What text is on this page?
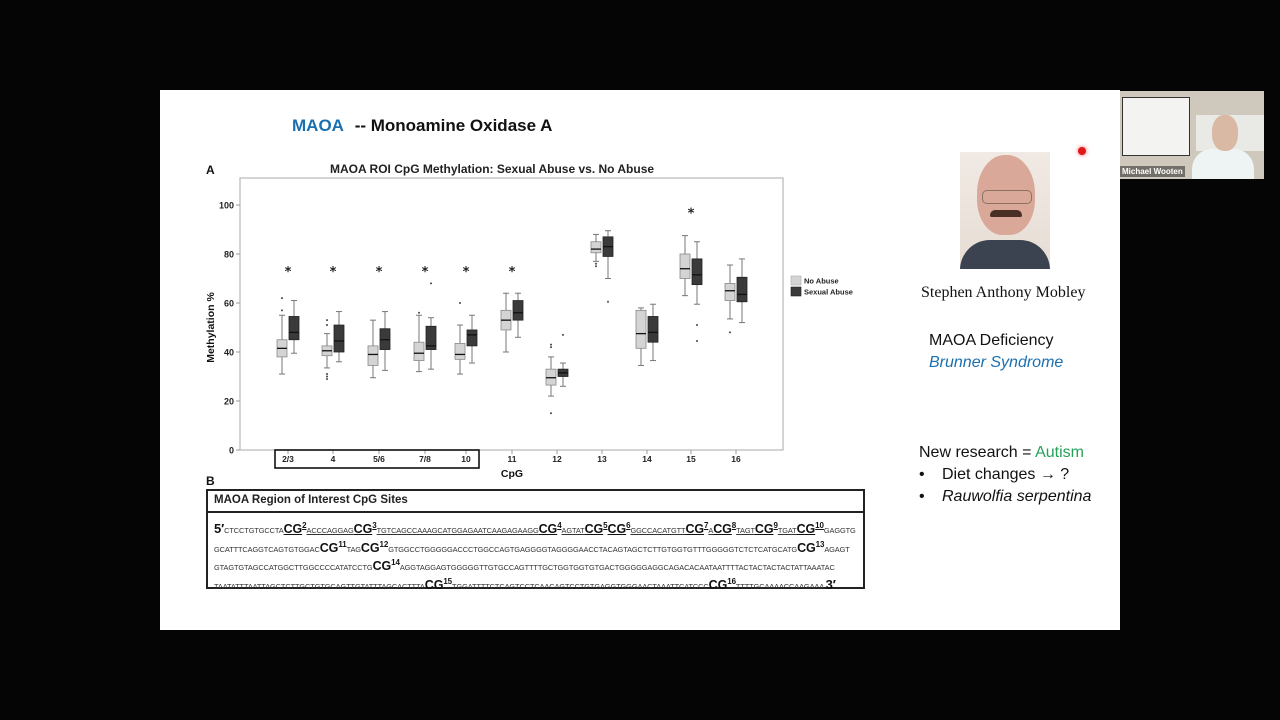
MAOA -- Monoamine Oxidase A
A	MAOA ROI CpG Methylation: Sexual Abuse vs. No Abuse
0
20
40
60
80
100
Methylation %
2/3	4	5/6	7/8	10	11	12	13	14	15	16
CpG
*	*	*	*	*	*
*
No Abuse
Sexual Abuse
B
MAOA Region of Interest CpG Sites
$5'CTCCTGTGCCTACG^2ACCCAGGAGCG^3TGTCAGCCAAAGCATGGAGAATCAAGAGAAGGCG^4AGTATCG^5CG^6GGCCACATGTTCG^7ACG^8TAGTCG^9TGATCG^{10}GAGGTG$
GCATTTCAGGTCAGTGTGGACCG$^{11}$TAGCG$^{12}$GTGGCCTGGGGGACCCTGGCCAGTGAGGGGTAGGGGAACCTACAGTAGCTCTTGTGGTGTTTGGGGGTCTCTCATGCATGCG$^{13}$AGAGT
GTAGTGTAGCCATGGCTTGGCCCCATATCCTGCG$^{14}$AGGTAGGAGTGGGGGTTGTGCCAGTTTTGCTGGTGGTGTGACTGGGGGAGGCAGACACAATAATTTTACTACTACTACTATTAAATAC
TAATATTTAATTAGCTCTTGCTGTGCAGTTGTATTTAGCACTTTACG$^{15}$TGGATTTTCTCAGTCCTCAACAGTCCTGTGAGGTGGGAACTAAATTCATCCCCG$^{16}$TTTTGCAAAACCAAGAAA 3′
Stephen Anthony Mobley
MAOA Deficiency
Brunner Syndrome
New research = Autism
• Diet changes → ?
• Rauwolfia serpentina
Michael Wooten
